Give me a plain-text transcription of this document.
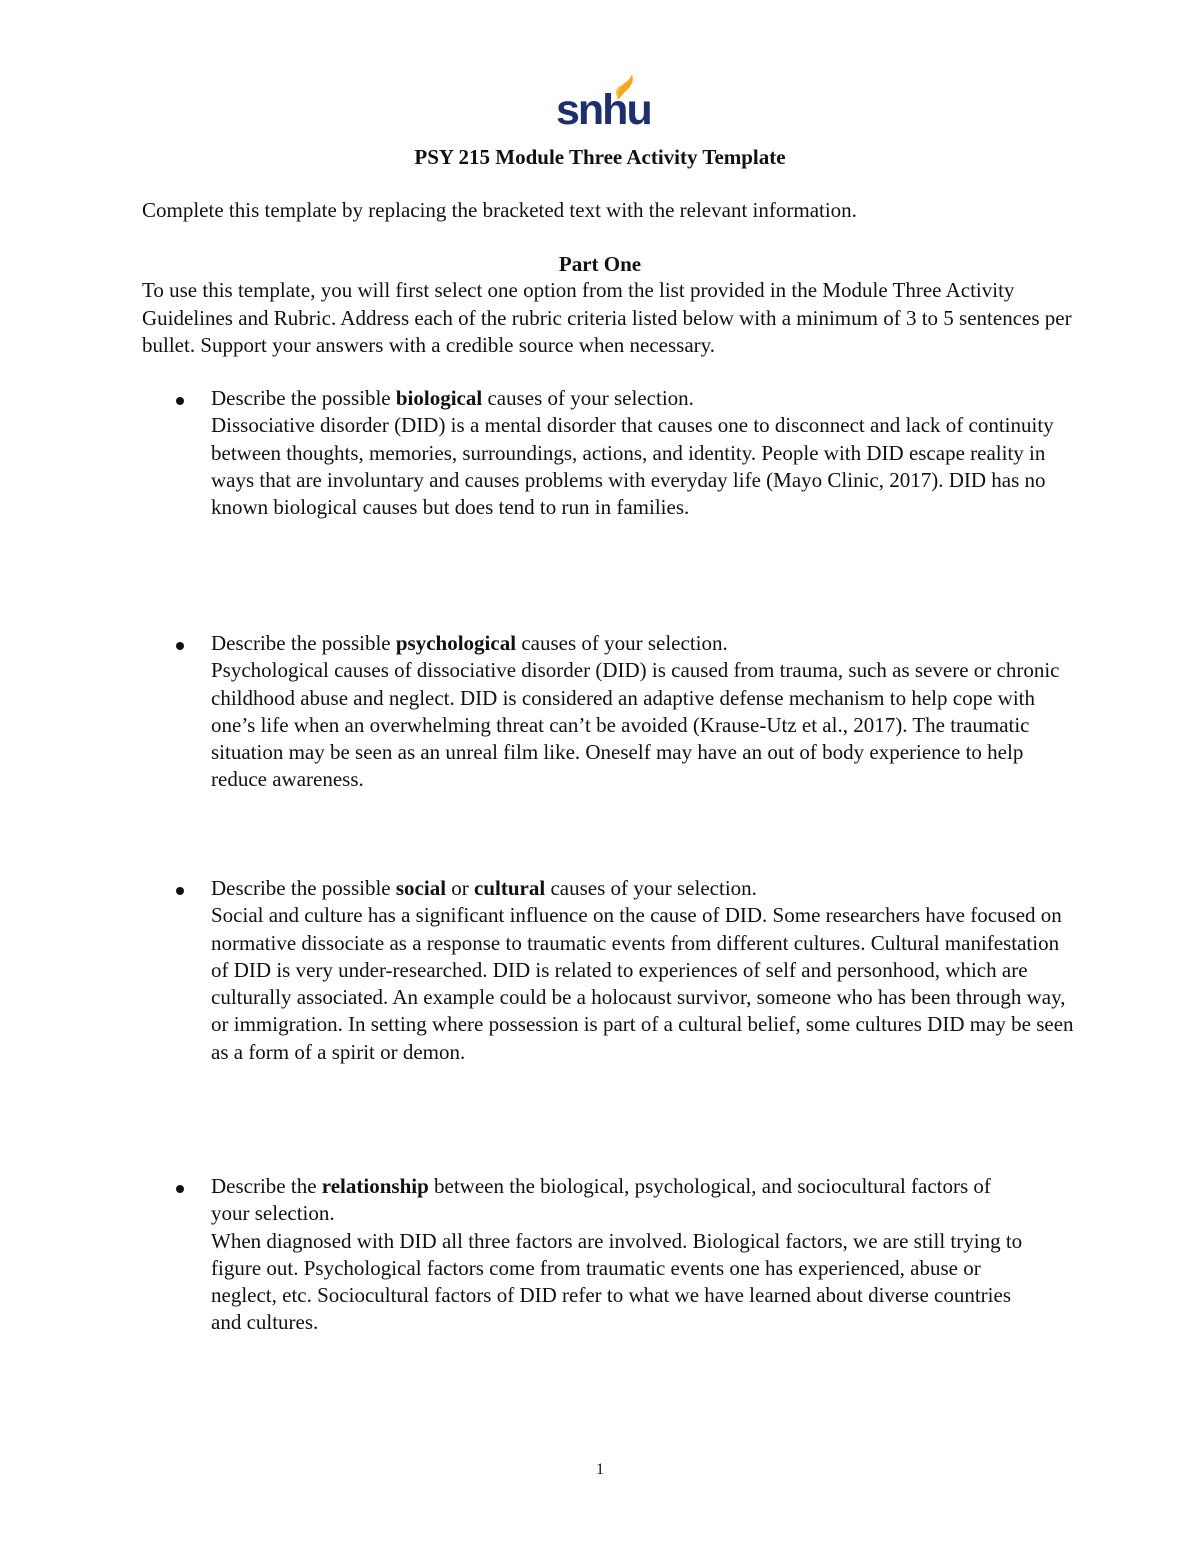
snhu
PSY 215 Module Three Activity Template
Complete this template by replacing the bracketed text with the relevant information.
Part One

To use this template, you will first select one option from the list provided in the Module Three Activity Guidelines and Rubric. Address each of the rubric criteria listed below with a minimum of 3 to 5 sentences per bullet. Support your answers with a credible source when necessary.

Describe the possible biological causes of your selection.
Dissociative disorder (DID) is a mental disorder that causes one to disconnect and lack of continuity between thoughts, memories, surroundings, actions, and identity. People with DID escape reality in ways that are involuntary and causes problems with everyday life (Mayo Clinic, 2017). DID has no known biological causes but does tend to run in families.

Describe the possible psychological causes of your selection.
Psychological causes of dissociative disorder (DID) is caused from trauma, such as severe or chronic childhood abuse and neglect. DID is considered an adaptive defense mechanism to help cope with one’s life when an overwhelming threat can’t be avoided (Krause-Utz et al., 2017). The traumatic situation may be seen as an unreal film like. Oneself may have an out of body experience to help reduce awareness.

Describe the possible social or cultural causes of your selection.
Social and culture has a significant influence on the cause of DID. Some researchers have focused on normative dissociate as a response to traumatic events from different cultures. Cultural manifestation of DID is very under-researched. DID is related to experiences of self and personhood, which are culturally associated. An example could be a holocaust survivor, someone who has been through way, or immigration. In setting where possession is part of a cultural belief, some cultures DID may be seen as a form of a spirit or demon.

Describe the relationship between the biological, psychological, and sociocultural factors of your selection.
When diagnosed with DID all three factors are involved. Biological factors, we are still trying to figure out. Psychological factors come from traumatic events one has experienced, abuse or neglect, etc. Sociocultural factors of DID refer to what we have learned about diverse countries and cultures.

1
